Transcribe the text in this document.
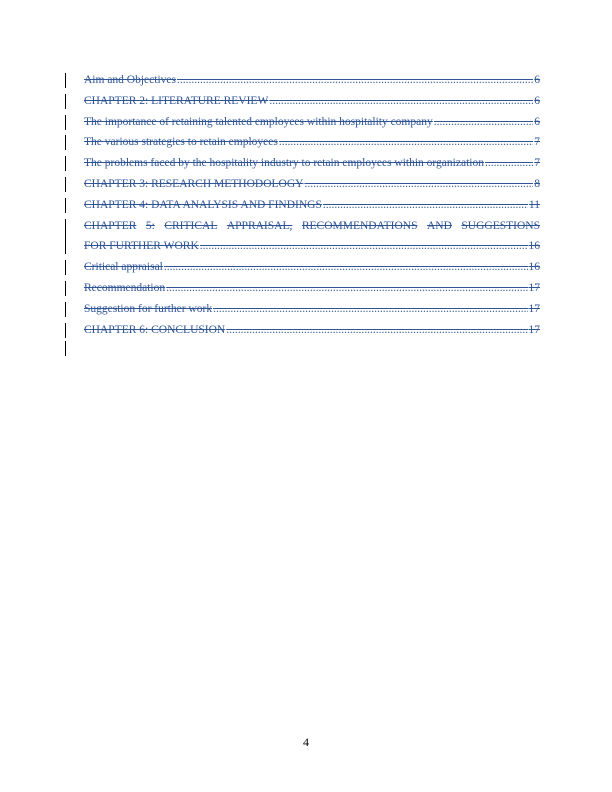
Aim and Objectives .....	6
CHAPTER 2: LITERATURE REVIEW .....	6
The importance of retaining talented employees within hospitality company .....	6
The various strategies to retain employees .....	7
The problems faced by the hospitality industry to retain employees within organization .....	7
CHAPTER 3: RESEARCH METHODOLOGY .....	8
CHAPTER 4: DATA ANALYSIS AND FINDINGS .....	11
CHAPTER 5: CRITICAL APPRAISAL, RECOMMENDATIONS AND SUGGESTIONS
FOR FURTHER WORK .....	16
Critical appraisal .....	16
Recommendation .....	17
Suggestion for further work .....	17
CHAPTER 6: CONCLUSION .....	17
4
